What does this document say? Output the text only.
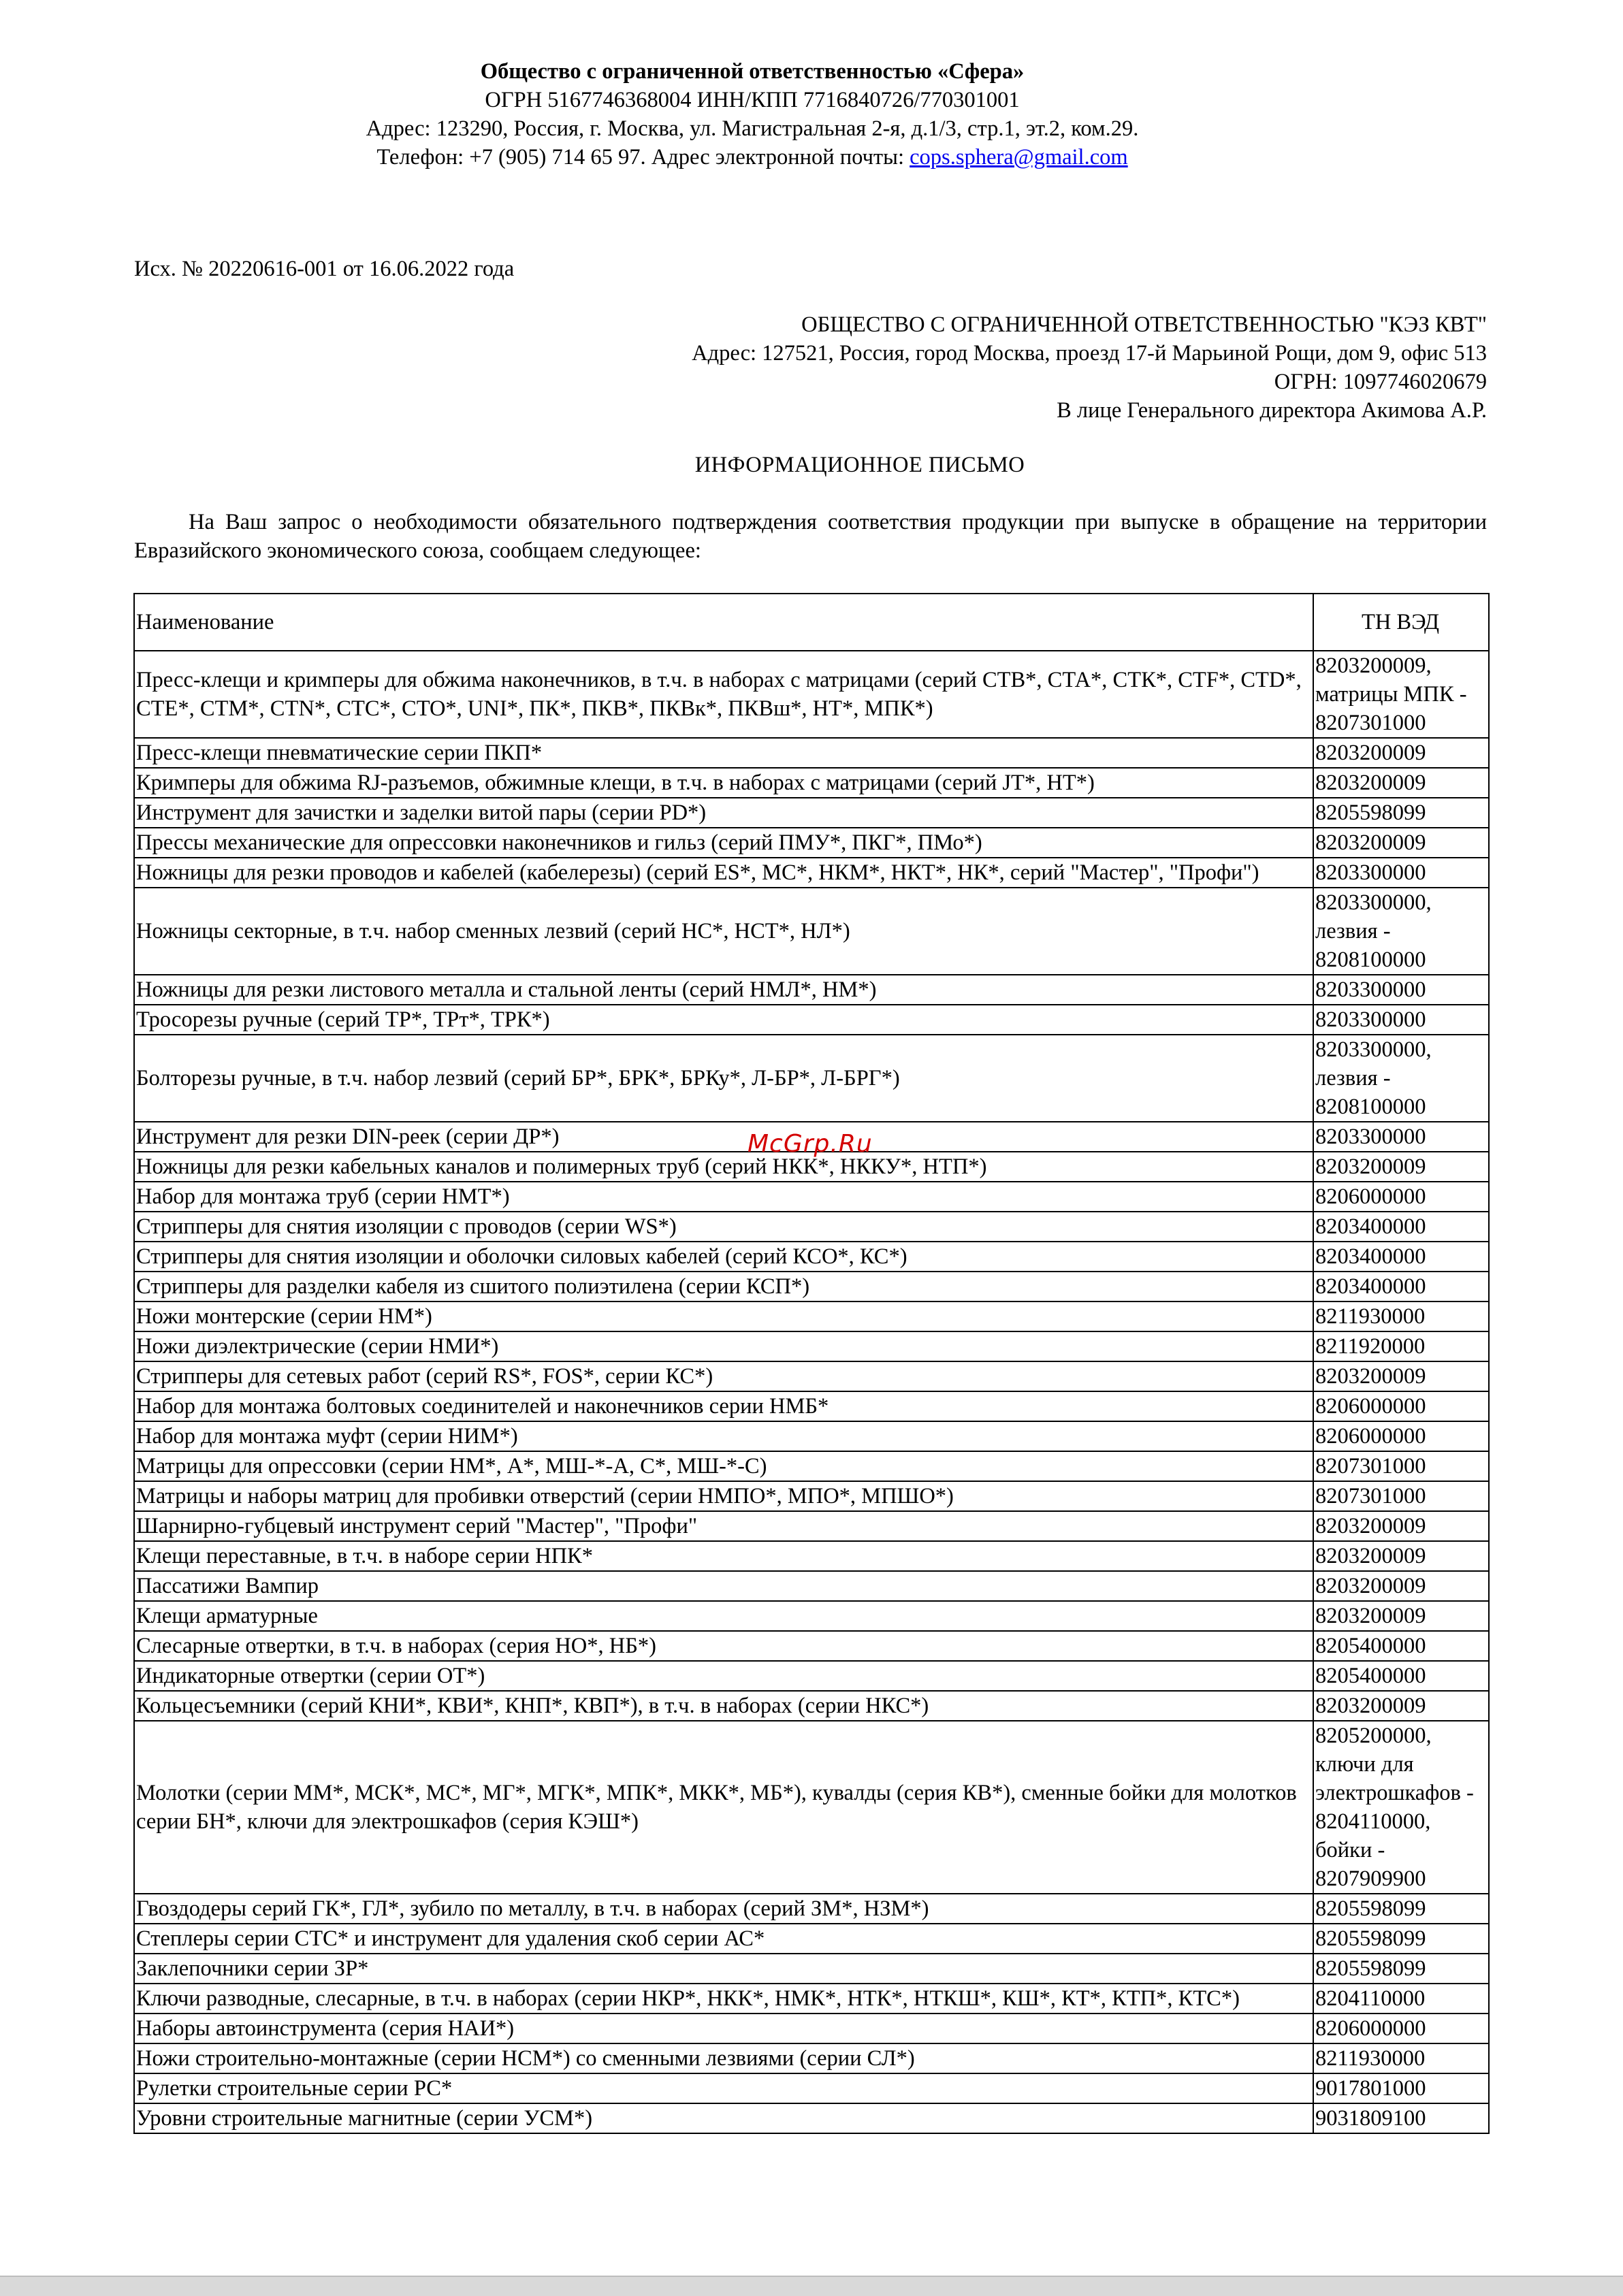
Общество с ограниченной ответственностью «Сфера»
ОГРН 5167746368004 ИНН/КПП 7716840726/770301001
Адрес: 123290, Россия, г. Москва, ул. Магистральная 2-я, д.1/3, стр.1, эт.2, ком.29.
Телефон: +7 (905) 714 65 97. Адрес электронной почты: cops.sphera@gmail.com
Исх. № 20220616-001 от 16.06.2022 года
ОБЩЕСТВО С ОГРАНИЧЕННОЙ ОТВЕТСТВЕННОСТЬЮ "КЭЗ КВТ"
Адрес: 127521, Россия, город Москва, проезд 17-й Марьиной Рощи, дом 9, офис 513
ОГРН: 1097746020679
В лице Генерального директора Акимова А.Р.
ИНФОРМАЦИОННОЕ ПИСЬМО
На Ваш запрос о необходимости обязательного подтверждения соответствия продукции при выпуске в обращение на территории Евразийского экономического союза, сообщаем следующее:
Наименование	ТН ВЭД
Пресс-клещи и кримперы для обжима наконечников, в т.ч. в наборах с матрицами (серий СТВ*, СТА*, СТК*, CTF*, CTD*, CTE*, CTM*, CTN*, CTC*, CTO*, UNI*, ПК*, ПКВ*, ПКВк*, ПКВш*, НТ*, МПК*)	8203200009, матрицы МПК - 8207301000
Пресс-клещи пневматические серии ПКП*	8203200009
Кримперы для обжима RJ-разъемов, обжимные клещи, в т.ч. в наборах с матрицами (серий JT*, НТ*)	8203200009
Инструмент для зачистки и заделки витой пары (серии PD*)	8205598099
Прессы механические для опрессовки наконечников и гильз (серий ПМУ*, ПКГ*, ПМо*)	8203200009
Ножницы для резки проводов и кабелей (кабелерезы) (серий ES*, МС*, НКМ*, НКТ*, НК*, серий "Мастер", "Профи")	8203300000
Ножницы секторные, в т.ч. набор сменных лезвий (серий НС*, НСТ*, НЛ*)	8203300000, лезвия - 8208100000
Ножницы для резки листового металла и стальной ленты (серий НМЛ*, НМ*)	8203300000
Тросорезы ручные (серий ТР*, ТРт*, ТРК*)	8203300000
Болторезы ручные, в т.ч. набор лезвий (серий БР*, БРК*, БРКу*, Л-БР*, Л-БРГ*)	8203300000, лезвия - 8208100000
Инструмент для резки DIN-реек (серии ДР*)	8203300000
Ножницы для резки кабельных каналов и полимерных труб (серий НКК*, НККУ*, НТП*)	8203200009
Набор для монтажа труб (серии НМТ*)	8206000000
Стрипперы для снятия изоляции с проводов (серии WS*)	8203400000
Стрипперы для снятия изоляции и оболочки силовых кабелей (серий КСО*, КС*)	8203400000
Стрипперы для разделки кабеля из сшитого полиэтилена (серии КСП*)	8203400000
Ножи монтерские (серии НМ*)	8211930000
Ножи диэлектрические (серии НМИ*)	8211920000
Стрипперы для сетевых работ (серий RS*, FOS*, серии КС*)	8203200009
Набор для монтажа болтовых соединителей и наконечников серии НМБ*	8206000000
Набор для монтажа муфт (серии НИМ*)	8206000000
Матрицы для опрессовки (серии НМ*, А*, МШ-*-А, С*, МШ-*-С)	8207301000
Матрицы и наборы матриц для пробивки отверстий (серии НМПО*, МПО*, МПШО*)	8207301000
Шарнирно-губцевый инструмент серий "Мастер", "Профи"	8203200009
Клещи переставные, в т.ч. в наборе серии НПК*	8203200009
Пассатижи Вампир	8203200009
Клещи арматурные	8203200009
Слесарные отвертки, в т.ч. в наборах (серия НО*, НБ*)	8205400000
Индикаторные отвертки (серии ОТ*)	8205400000
Кольцесъемники (серий КНИ*, КВИ*, КНП*, КВП*), в т.ч. в наборах (серии НКС*)	8203200009
Молотки (серии ММ*, МСК*, МС*, МГ*, МГК*, МПК*, МКК*, МБ*), кувалды (серия КВ*), сменные бойки для молотков серии БН*, ключи для электрошкафов (серия КЭШ*)	8205200000, ключи для электрошкафов - 8204110000, бойки - 8207909900
Гвоздодеры серий ГК*, ГЛ*, зубило по металлу, в т.ч. в наборах (серий ЗМ*, НЗМ*)	8205598099
Степлеры серии СТС* и инструмент для удаления скоб серии АС*	8205598099
Заклепочники серии ЗР*	8205598099
Ключи разводные, слесарные, в т.ч. в наборах (серии НКР*, НКК*, НМК*, НТК*, НТКШ*, КШ*, КТ*, КТП*, КТС*)	8204110000
Наборы автоинструмента (серия НАИ*)	8206000000
Ножи строительно-монтажные (серии НСМ*) со сменными лезвиями (серии СЛ*)	8211930000
Рулетки строительные серии РС*	9017801000
Уровни строительные магнитные (серии УСМ*)	9031809100
McGrp.Ru
